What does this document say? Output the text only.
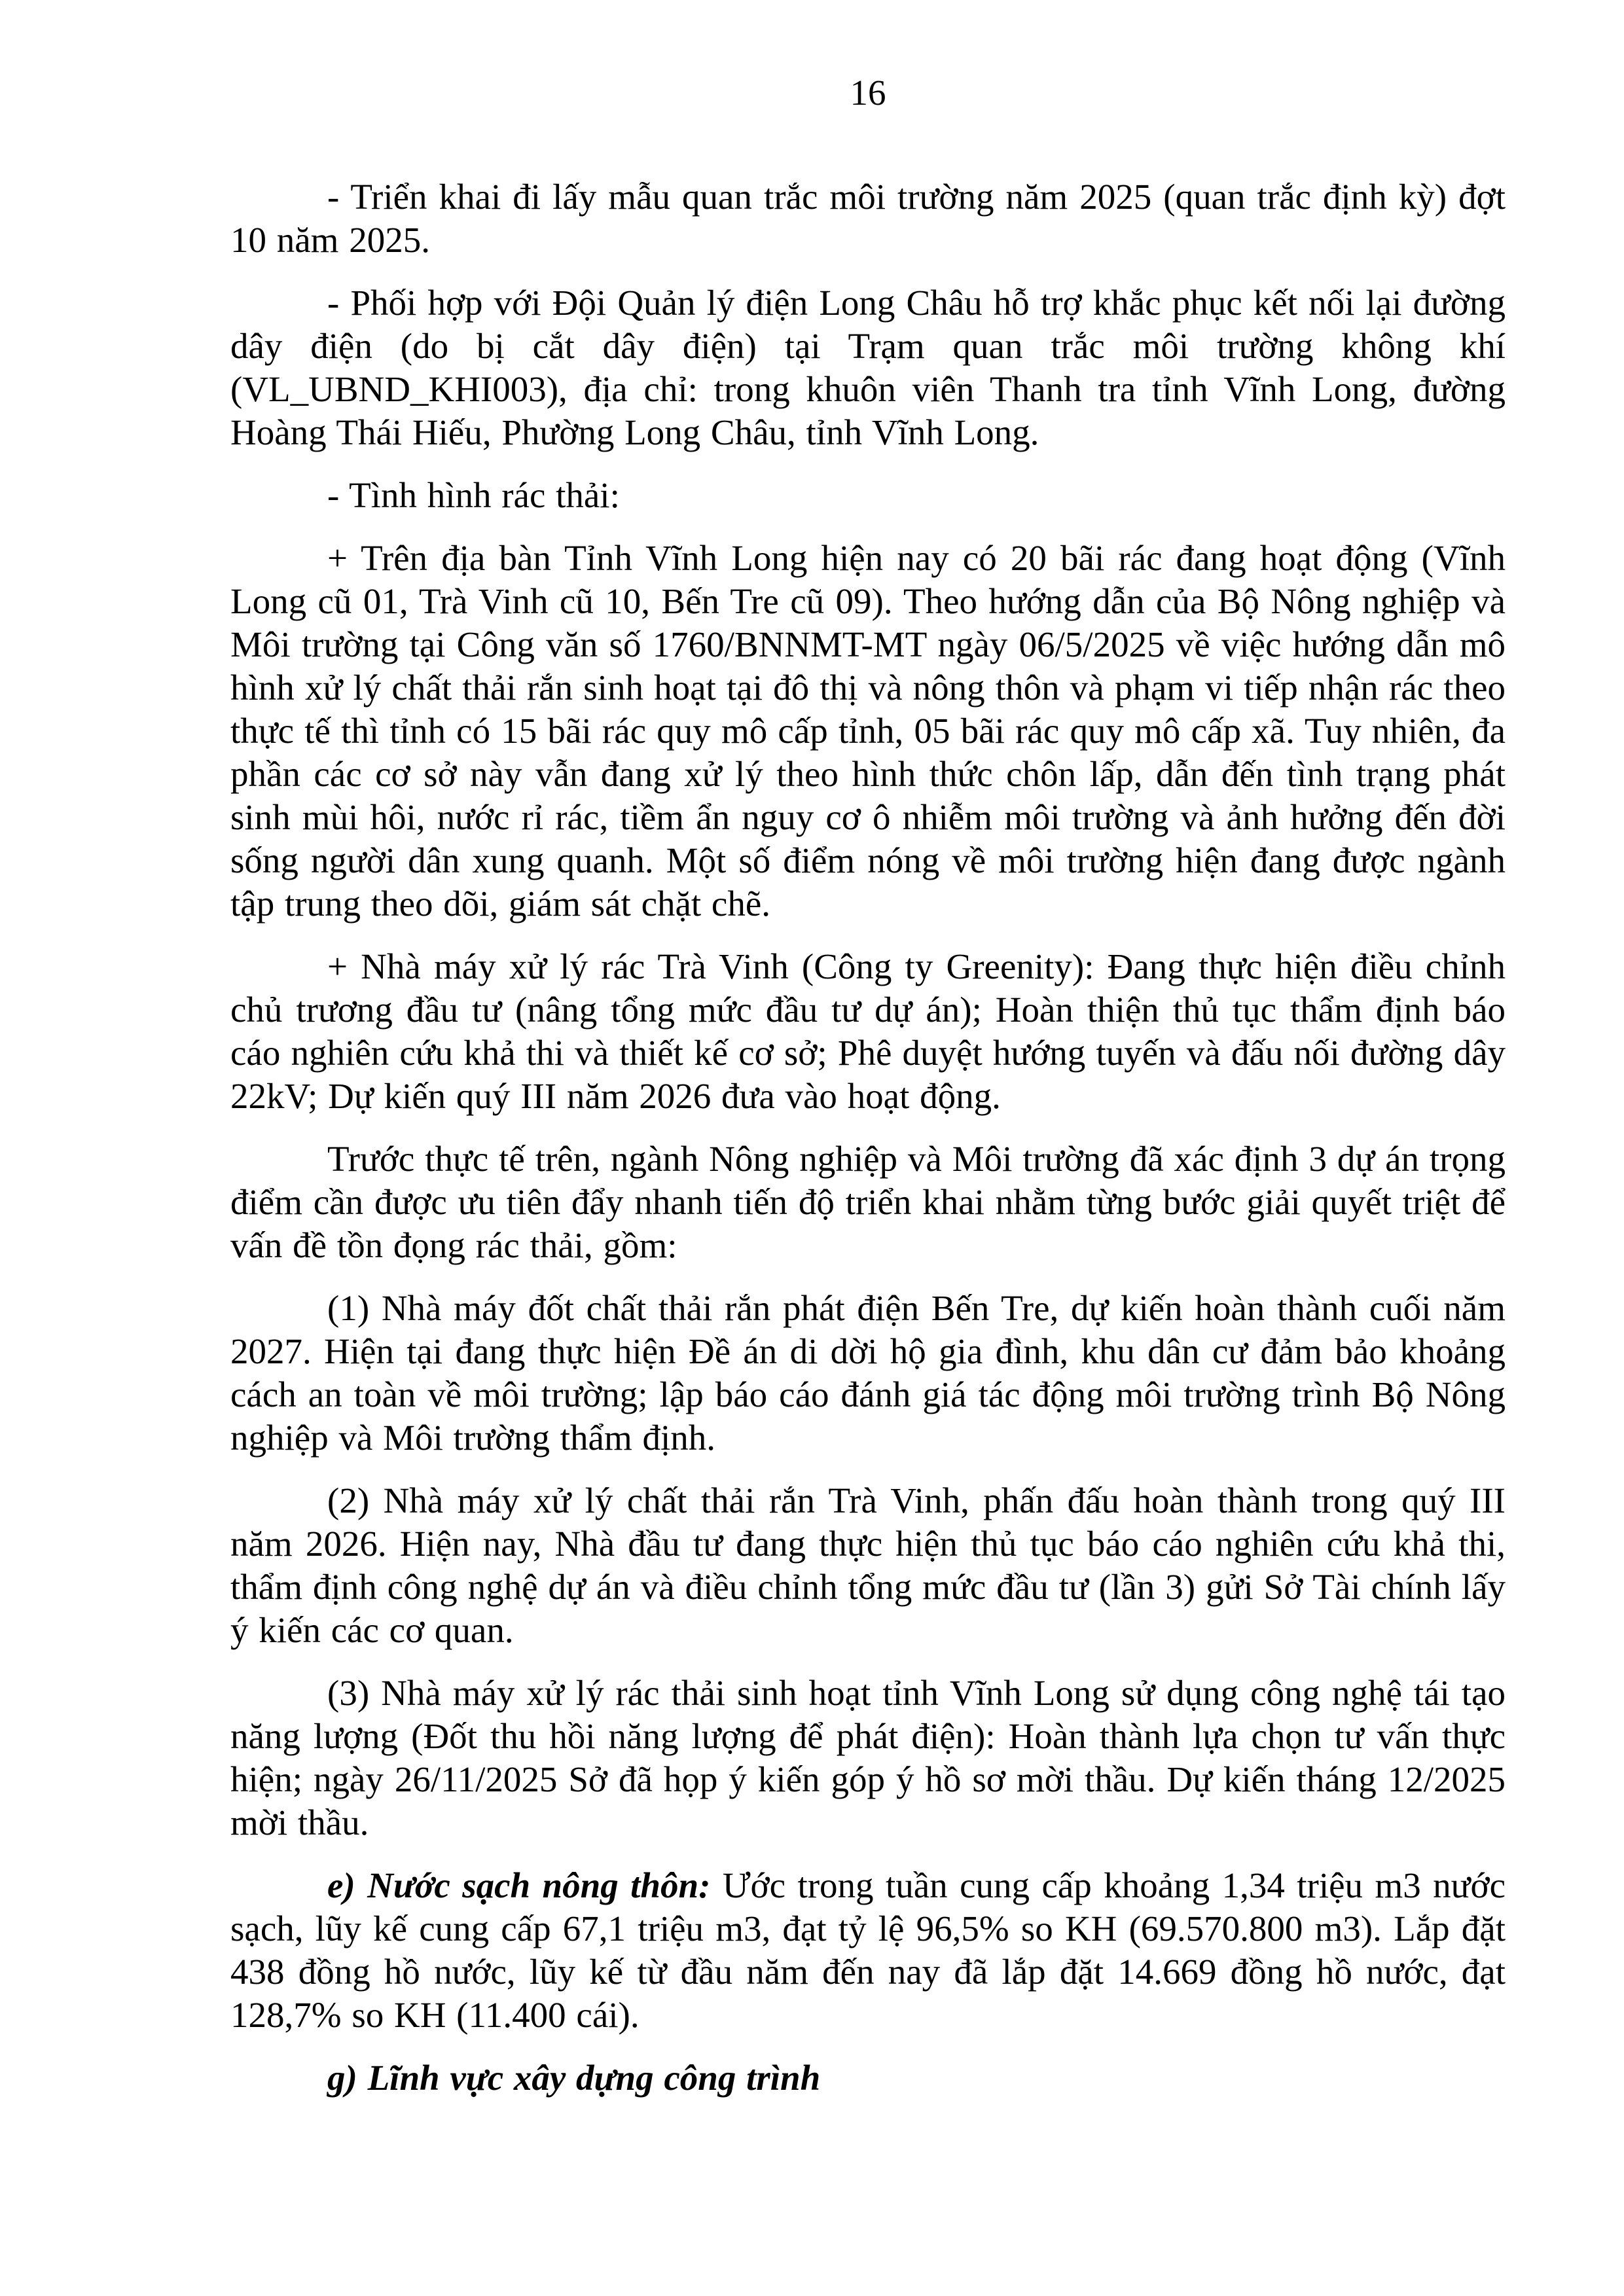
16

- Triển khai đi lấy mẫu quan trắc môi trường năm 2025 (quan trắc định kỳ) đợt 10 năm 2025.

- Phối hợp với Đội Quản lý điện Long Châu hỗ trợ khắc phục kết nối lại đường dây điện (do bị cắt dây điện) tại Trạm quan trắc môi trường không khí (VL_UBND_KHI003), địa chỉ: trong khuôn viên Thanh tra tỉnh Vĩnh Long, đường Hoàng Thái Hiếu, Phường Long Châu, tỉnh Vĩnh Long.

- Tình hình rác thải:

+ Trên địa bàn Tỉnh Vĩnh Long hiện nay có 20 bãi rác đang hoạt động (Vĩnh Long cũ 01, Trà Vinh cũ 10, Bến Tre cũ 09). Theo hướng dẫn của Bộ Nông nghiệp và Môi trường tại Công văn số 1760/BNNMT-MT ngày 06/5/2025 về việc hướng dẫn mô hình xử lý chất thải rắn sinh hoạt tại đô thị và nông thôn và phạm vi tiếp nhận rác theo thực tế thì tỉnh có 15 bãi rác quy mô cấp tỉnh, 05 bãi rác quy mô cấp xã. Tuy nhiên, đa phần các cơ sở này vẫn đang xử lý theo hình thức chôn lấp, dẫn đến tình trạng phát sinh mùi hôi, nước rỉ rác, tiềm ẩn nguy cơ ô nhiễm môi trường và ảnh hưởng đến đời sống người dân xung quanh. Một số điểm nóng về môi trường hiện đang được ngành tập trung theo dõi, giám sát chặt chẽ.

+ Nhà máy xử lý rác Trà Vinh (Công ty Greenity): Đang thực hiện điều chỉnh chủ trương đầu tư (nâng tổng mức đầu tư dự án); Hoàn thiện thủ tục thẩm định báo cáo nghiên cứu khả thi và thiết kế cơ sở; Phê duyệt hướng tuyến và đấu nối đường dây 22kV; Dự kiến quý III năm 2026 đưa vào hoạt động.

Trước thực tế trên, ngành Nông nghiệp và Môi trường đã xác định 3 dự án trọng điểm cần được ưu tiên đẩy nhanh tiến độ triển khai nhằm từng bước giải quyết triệt để vấn đề tồn đọng rác thải, gồm:

(1) Nhà máy đốt chất thải rắn phát điện Bến Tre, dự kiến hoàn thành cuối năm 2027. Hiện tại đang thực hiện Đề án di dời hộ gia đình, khu dân cư đảm bảo khoảng cách an toàn về môi trường; lập báo cáo đánh giá tác động môi trường trình Bộ Nông nghiệp và Môi trường thẩm định.

(2) Nhà máy xử lý chất thải rắn Trà Vinh, phấn đấu hoàn thành trong quý III năm 2026. Hiện nay, Nhà đầu tư đang thực hiện thủ tục báo cáo nghiên cứu khả thi, thẩm định công nghệ dự án và điều chỉnh tổng mức đầu tư (lần 3) gửi Sở Tài chính lấy ý kiến các cơ quan.

(3) Nhà máy xử lý rác thải sinh hoạt tỉnh Vĩnh Long sử dụng công nghệ tái tạo năng lượng (Đốt thu hồi năng lượng để phát điện): Hoàn thành lựa chọn tư vấn thực hiện; ngày 26/11/2025 Sở đã họp ý kiến góp ý hồ sơ mời thầu. Dự kiến tháng 12/2025 mời thầu.

e) Nước sạch nông thôn: Ước trong tuần cung cấp khoảng 1,34 triệu m3 nước sạch, lũy kế cung cấp 67,1 triệu m3, đạt tỷ lệ 96,5% so KH (69.570.800 m3). Lắp đặt 438 đồng hồ nước, lũy kế từ đầu năm đến nay đã lắp đặt 14.669 đồng hồ nước, đạt 128,7% so KH (11.400 cái).

g) Lĩnh vực xây dựng công trình
